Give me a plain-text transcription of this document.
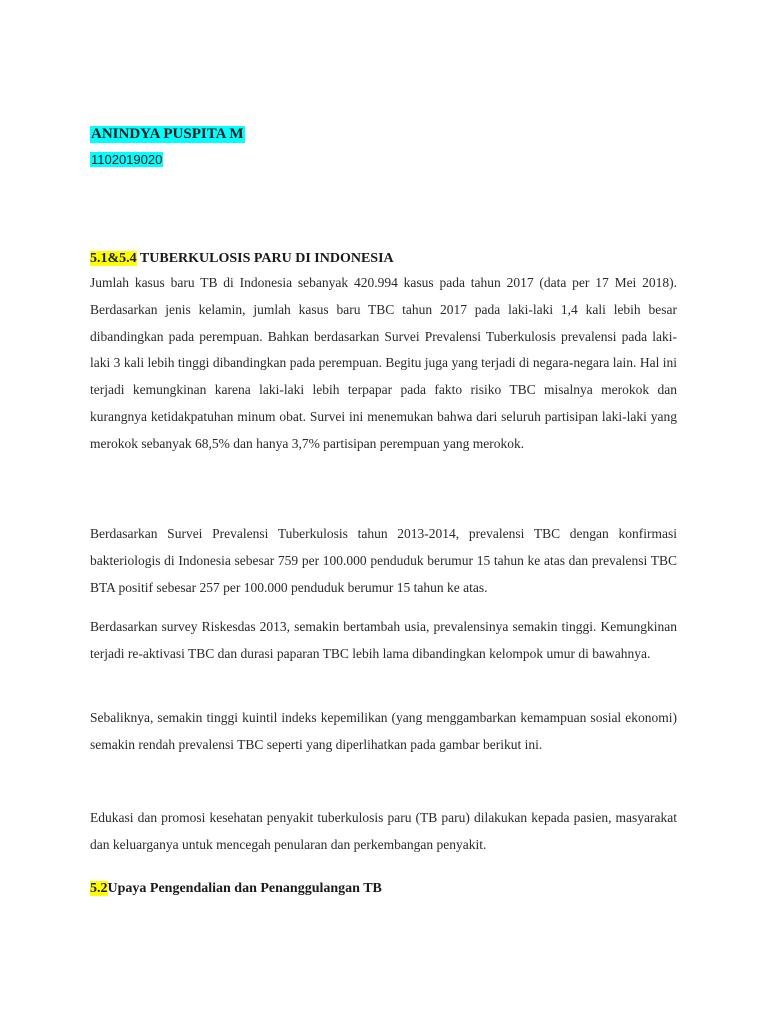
ANINDYA PUSPITA M
1102019020
5.1&5.4 TUBERKULOSIS PARU DI INDONESIA

Jumlah kasus baru TB di Indonesia sebanyak 420.994 kasus pada tahun 2017 (data per 17 Mei 2018). Berdasarkan jenis kelamin, jumlah kasus baru TBC tahun 2017 pada laki-laki 1,4 kali lebih besar dibandingkan pada perempuan. Bahkan berdasarkan Survei Prevalensi Tuberkulosis prevalensi pada laki-laki 3 kali lebih tinggi dibandingkan pada perempuan. Begitu juga yang terjadi di negara-negara lain. Hal ini terjadi kemungkinan karena laki-laki lebih terpapar pada fakto risiko TBC misalnya merokok dan kurangnya ketidakpatuhan minum obat. Survei ini menemukan bahwa dari seluruh partisipan laki-laki yang merokok sebanyak 68,5% dan hanya 3,7% partisipan perempuan yang merokok.

Berdasarkan Survei Prevalensi Tuberkulosis tahun 2013-2014, prevalensi TBC dengan konfirmasi bakteriologis di Indonesia sebesar 759 per 100.000 penduduk berumur 15 tahun ke atas dan prevalensi TBC BTA positif sebesar 257 per 100.000 penduduk berumur 15 tahun ke atas.

Berdasarkan survey Riskesdas 2013, semakin bertambah usia, prevalensinya semakin tinggi. Kemungkinan terjadi re-aktivasi TBC dan durasi paparan TBC lebih lama dibandingkan kelompok umur di bawahnya.

Sebaliknya, semakin tinggi kuintil indeks kepemilikan (yang menggambarkan kemampuan sosial ekonomi) semakin rendah prevalensi TBC seperti yang diperlihatkan pada gambar berikut ini.

Edukasi dan promosi kesehatan penyakit tuberkulosis paru (TB paru) dilakukan kepada pasien, masyarakat dan keluarganya untuk mencegah penularan dan perkembangan penyakit.

5.2Upaya Pengendalian dan Penanggulangan TB
